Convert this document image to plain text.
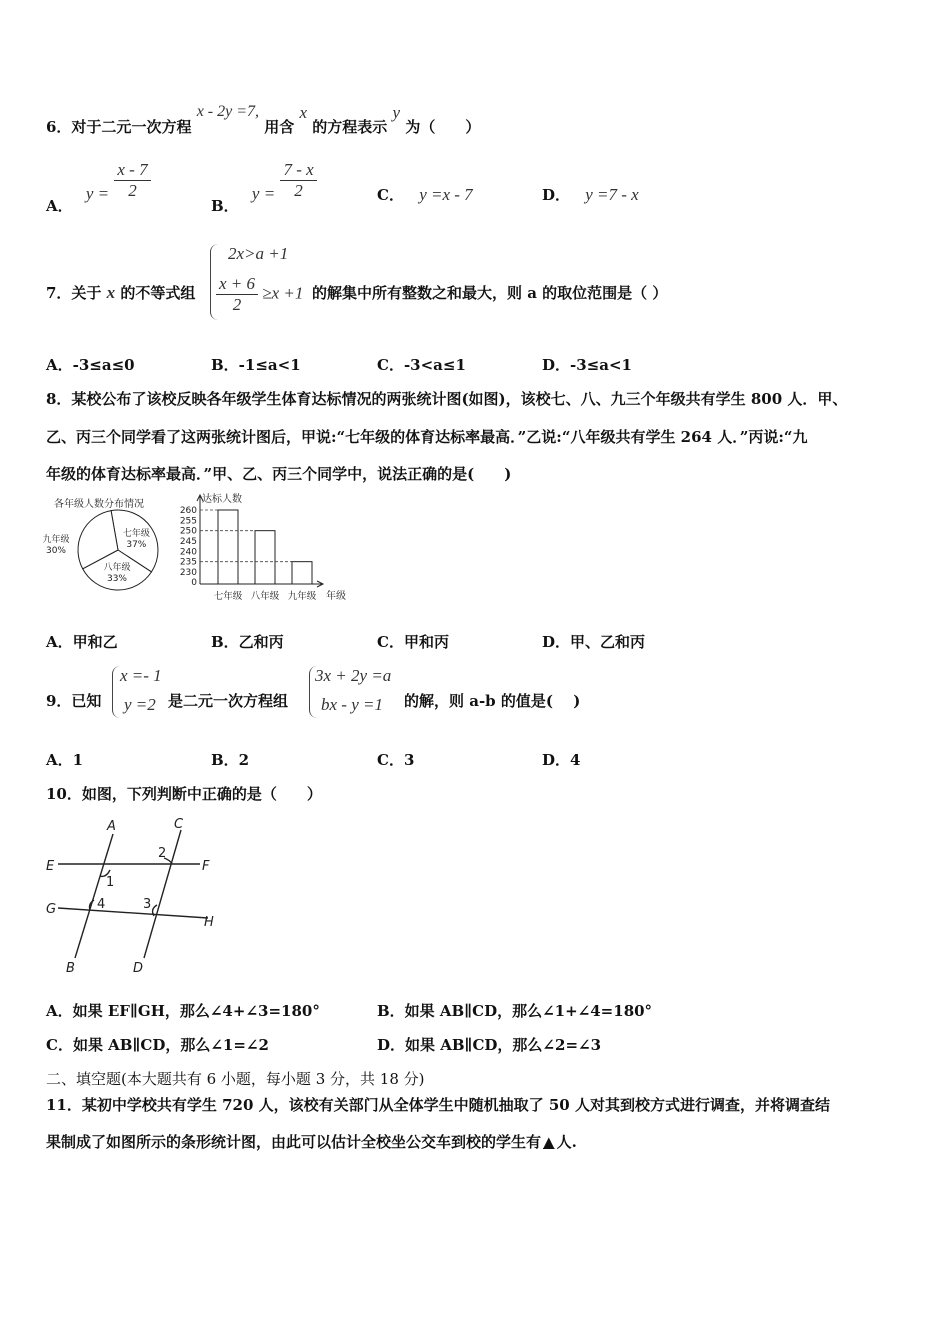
6．对于二元一次方程 x - 2y =7, 用含 x 的方程表示 y 为（　　）
A． $y = \frac{x - 7}{2}$
B． $y = \frac{7 - x}{2}$	C． y =x - 7	D． y =7 - x
7．关于 x 的不等式组
2x>a +1
$\frac{x + 6}{2} \ge x +1$ 的解集中所有整数之和最大，则 a 的取位范围是（ ）
A．-3≤a≤0	B．-1≤a<1	C．-3<a≤1	D．-3≤a<1
8．某校公布了该校反映各年级学生体育达标情况的两张统计图(如图)，该校七、八、九三个年级共有学生 800 人．甲、
乙、丙三个同学看了这两张统计图后，甲说:“七年级的体育达标率最高．”乙说:“八年级共有学生 264 人．”丙说:“九
年级的体育达标率最高．”甲、乙、丙三个同学中，说法正确的是(　　)
各年级人数分布情况
七年级
37%
八年级
33%
九年级
30%
达标人数
年级
260
255
250
245
240
235
230
0
七年级 八年级 九年级
A．甲和乙	B．乙和丙	C．甲和丙	D．甲、乙和丙
9．已知
x =- 1
y =2 是二元一次方程组
3x + 2y =a
bx - y =1 的解，则 a-b 的值是(　 )
A．1	B．2	C．3	D．4
10．如图，下列判断中正确的是（　　）
A
B
C
D
E	F
G
H
1
2
3
4
A．如果 EF∥GH，那么∠4+∠3=180°	B．如果 AB∥CD，那么∠1+∠4=180°
C．如果 AB∥CD，那么∠1=∠2	D．如果 AB∥CD，那么∠2=∠3
二、填空题(本大题共有 6 小题，每小题 3 分，共 18 分)
11．某初中学校共有学生 720 人，该校有关部门从全体学生中随机抽取了 50 人对其到校方式进行调查，并将调查结
果制成了如图所示的条形统计图，由此可以估计全校坐公交车到校的学生有 ▲ 人.
